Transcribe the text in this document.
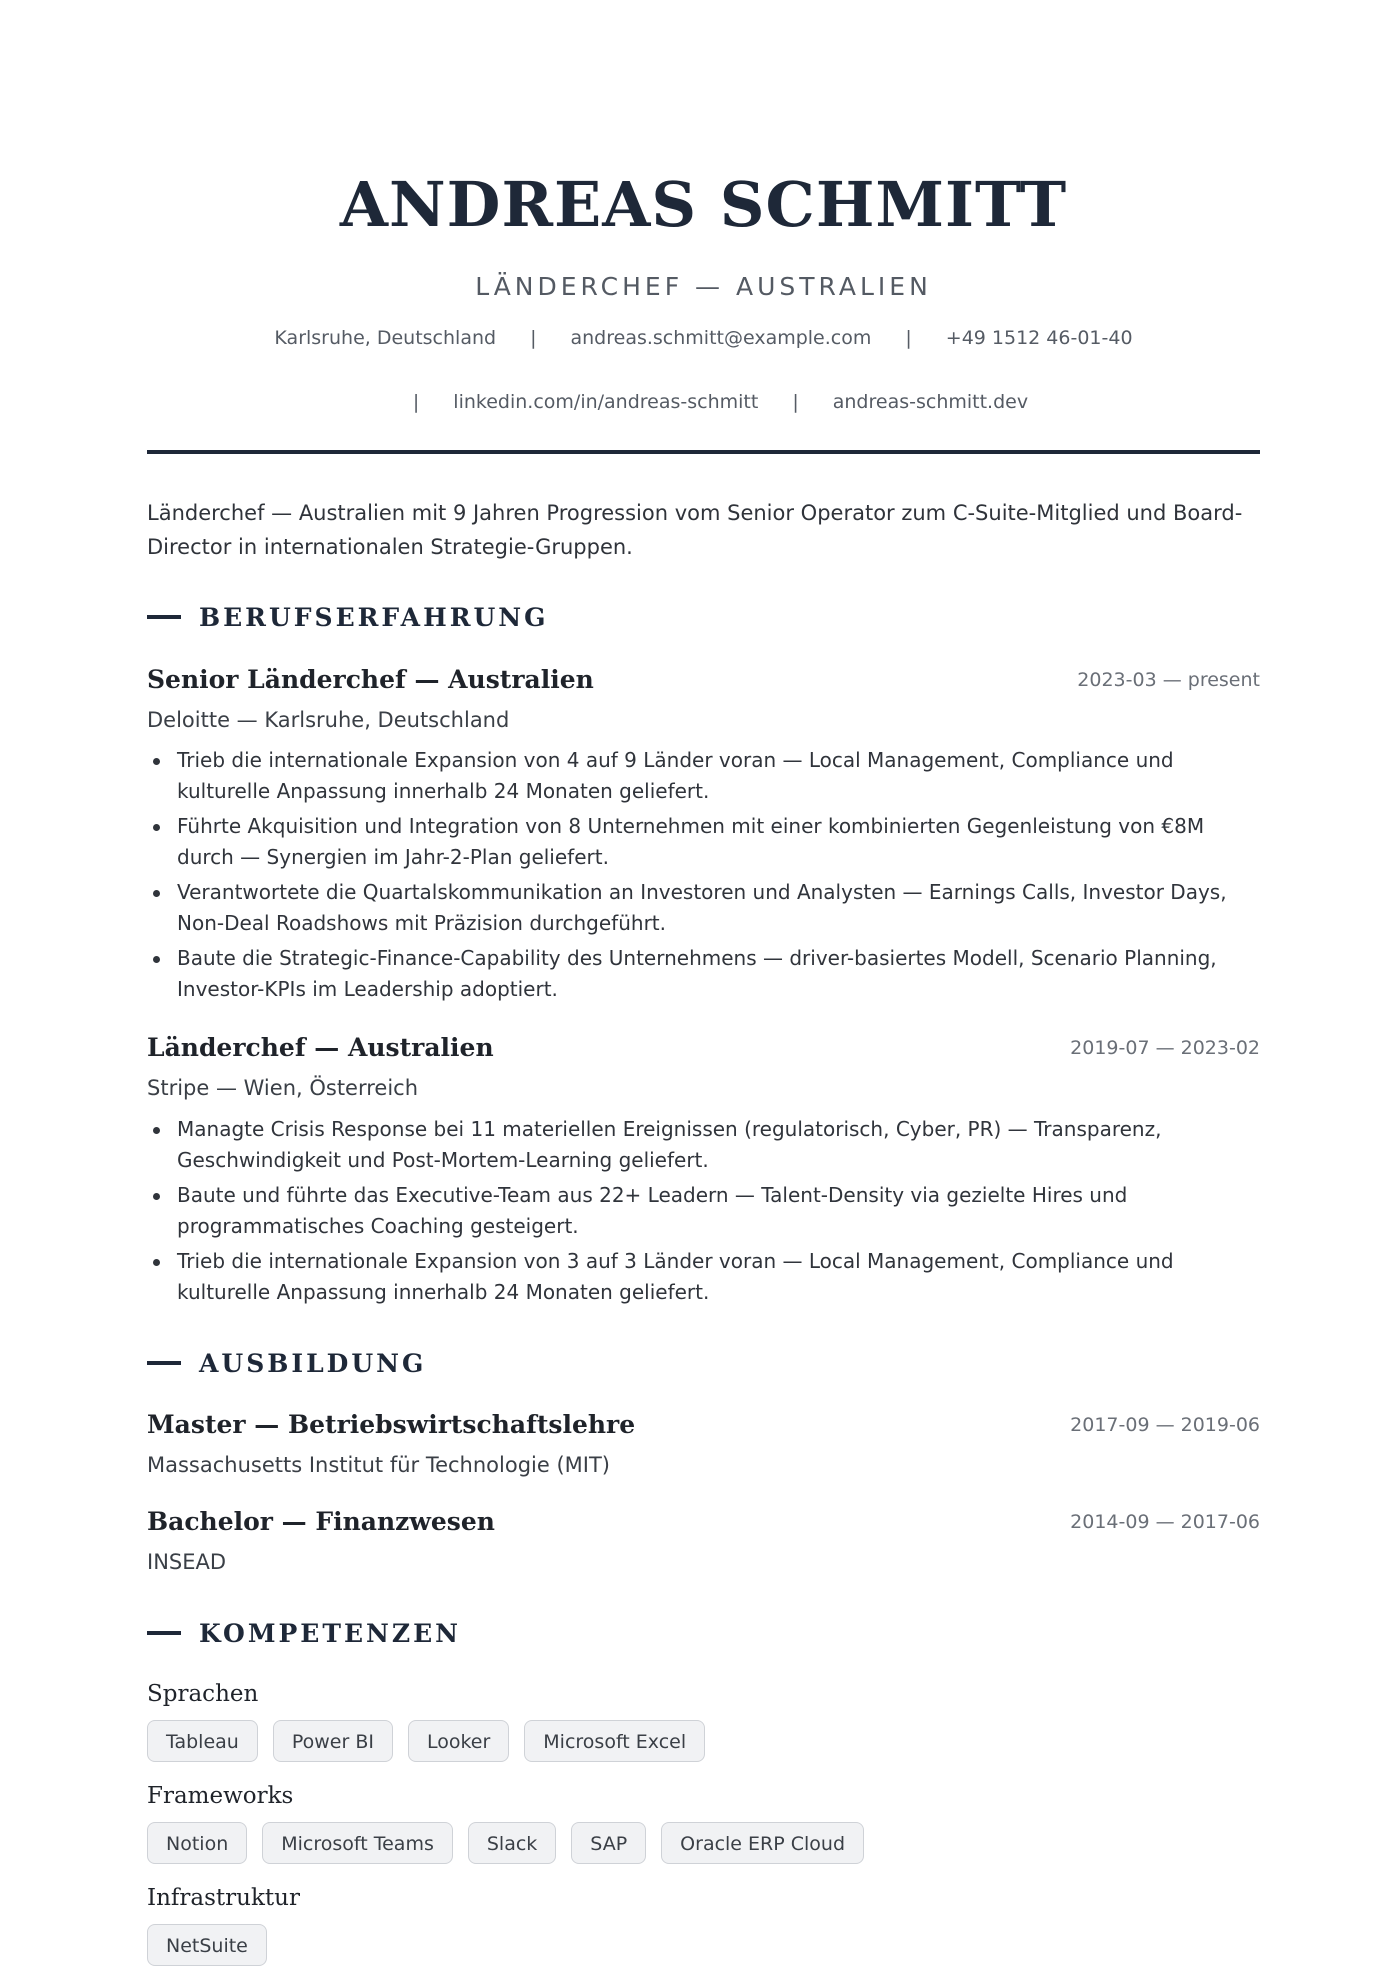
ANDREAS SCHMITT
LÄNDERCHEF — AUSTRALIEN
Karlsruhe, Deutschland | andreas.schmitt@example.com | +49 1512 46-01-40
| linkedin.com/in/andreas-schmitt | andreas-schmitt.dev
Länderchef — Australien mit 9 Jahren Progression vom Senior Operator zum C-Suite-Mitglied und Board-Director in internationalen Strategie-Gruppen.
BERUFSERFAHRUNG
Senior Länderchef — Australien	2023-03 — present
Deloitte — Karlsruhe, Deutschland
Trieb die internationale Expansion von 4 auf 9 Länder voran — Local Management, Compliance und kulturelle Anpassung innerhalb 24 Monaten geliefert.
Führte Akquisition und Integration von 8 Unternehmen mit einer kombinierten Gegenleistung von €8M durch — Synergien im Jahr-2-Plan geliefert.
Verantwortete die Quartalskommunikation an Investoren und Analysten — Earnings Calls, Investor Days, Non-Deal Roadshows mit Präzision durchgeführt.
Baute die Strategic-Finance-Capability des Unternehmens — driver-basiertes Modell, Scenario Planning, Investor-KPIs im Leadership adoptiert.
Länderchef — Australien	2019-07 — 2023-02
Stripe — Wien, Österreich
Managte Crisis Response bei 11 materiellen Ereignissen (regulatorisch, Cyber, PR) — Transparenz, Geschwindigkeit und Post-Mortem-Learning geliefert.
Baute und führte das Executive-Team aus 22+ Leadern — Talent-Density via gezielte Hires und programmatisches Coaching gesteigert.
Trieb die internationale Expansion von 3 auf 3 Länder voran — Local Management, Compliance und kulturelle Anpassung innerhalb 24 Monaten geliefert.
AUSBILDUNG
Master — Betriebswirtschaftslehre	2017-09 — 2019-06
Massachusetts Institut für Technologie (MIT)
Bachelor — Finanzwesen	2014-09 — 2017-06
INSEAD
KOMPETENZEN
Sprachen
Tableau	Power BI	Looker	Microsoft Excel
Frameworks
Notion	Microsoft Teams	Slack	SAP	Oracle ERP Cloud
Infrastruktur
NetSuite
